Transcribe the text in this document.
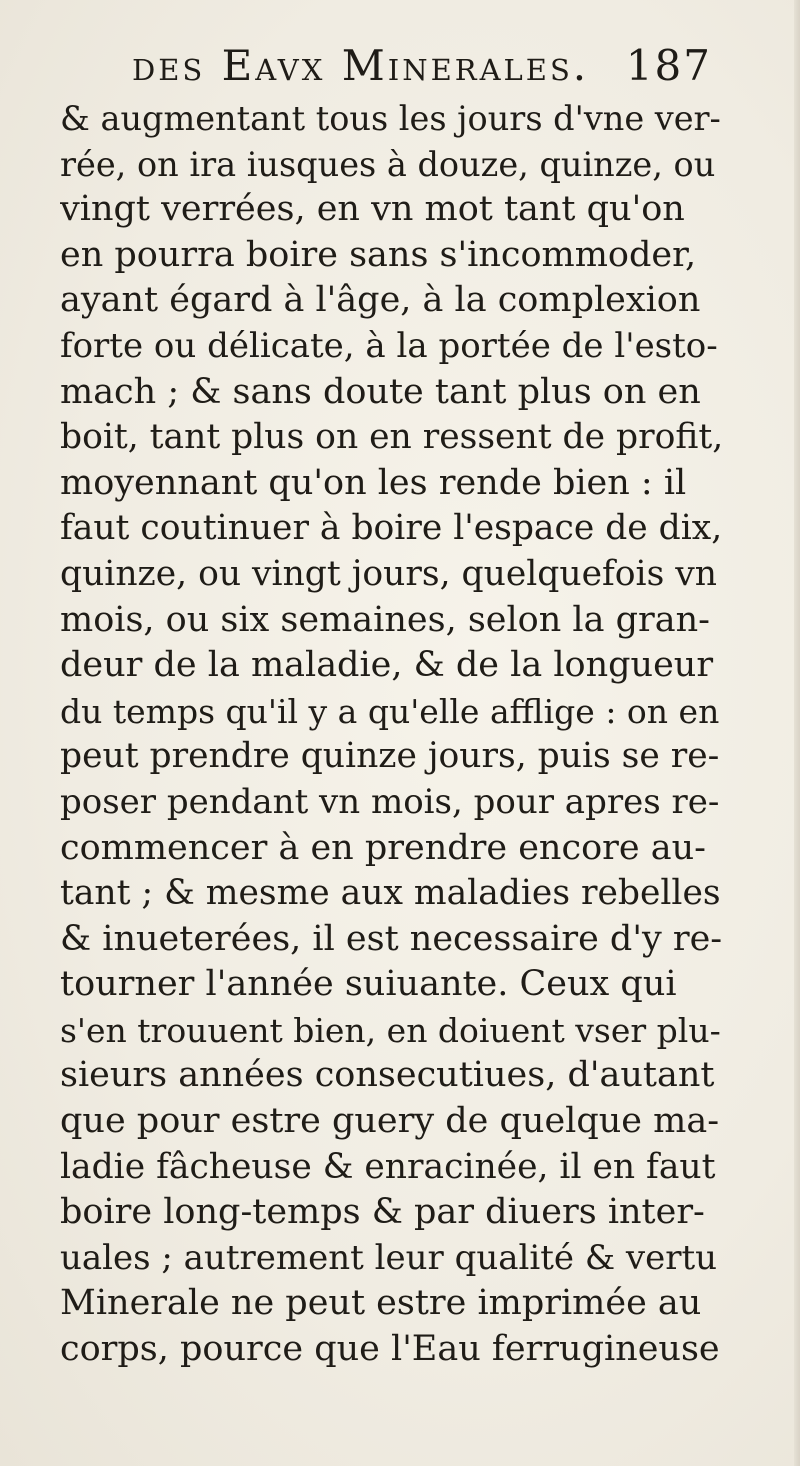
des Eavx Minerales. 187
& augmentant tous les jours d'vne ver-
rée, on ira iusques à douze, quinze, ou
vingt verrées, en vn mot tant qu'on
en pourra boire sans s'incommoder,
ayant égard à l'âge, à la complexion
forte ou délicate, à la portée de l'esto-
mach ; & sans doute tant plus on en
boit, tant plus on en ressent de profit,
moyennant qu'on les rende bien : il
faut coutinuer à boire l'espace de dix,
quinze, ou vingt jours, quelquefois vn
mois, ou six semaines, selon la gran-
deur de la maladie, & de la longueur
du temps qu'il y a qu'elle afflige : on en
peut prendre quinze jours, puis se re-
poser pendant vn mois, pour apres re-
commencer à en prendre encore au-
tant ; & mesme aux maladies rebelles
& inueterées, il est necessaire d'y re-
tourner l'année suiuante. Ceux qui
s'en trouuent bien, en doiuent vser plu-
sieurs années consecutiues, d'autant
que pour estre guery de quelque ma-
ladie fâcheuse & enracinée, il en faut
boire long-temps & par diuers inter-
uales ; autrement leur qualité & vertu
Minerale ne peut estre imprimée au
corps, pource que l'Eau ferrugineuse
